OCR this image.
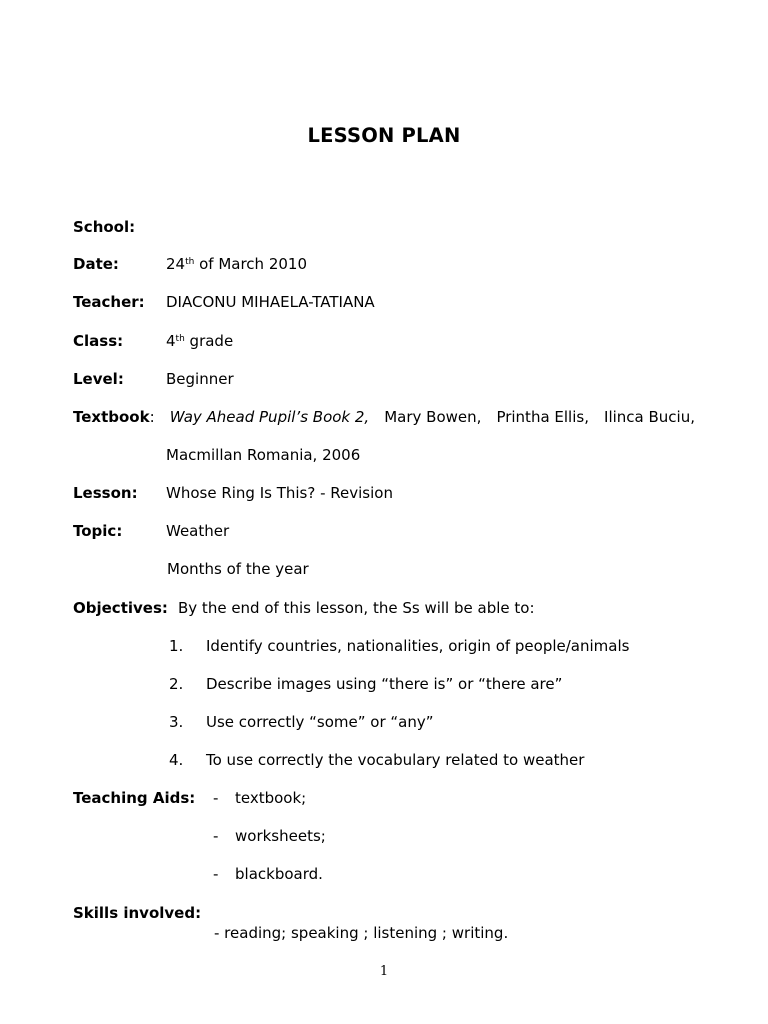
LESSON PLAN
School:
Date:	24th of March 2010
Teacher: DIACONU MIHAELA-TATIANA
Class:	4th grade
Level:	Beginner
Textbook: Way Ahead Pupil’s Book 2, Mary Bowen, Printha Ellis, Ilinca Buciu,
Macmillan Romania, 2006
Lesson: Whose Ring Is This? - Revision
Topic:	Weather
Months of the year
Objectives: By the end of this lesson, the Ss will be able to:
1.	Identify countries, nationalities, origin of people/animals
2.	Describe images using “there is” or “there are”
3.	Use correctly “some” or “any”
4.	To use correctly the vocabulary related to weather
Teaching Aids: - textbook;
- worksheets;
- blackboard.
Skills involved:
- reading; speaking ; listening ; writing.
1
